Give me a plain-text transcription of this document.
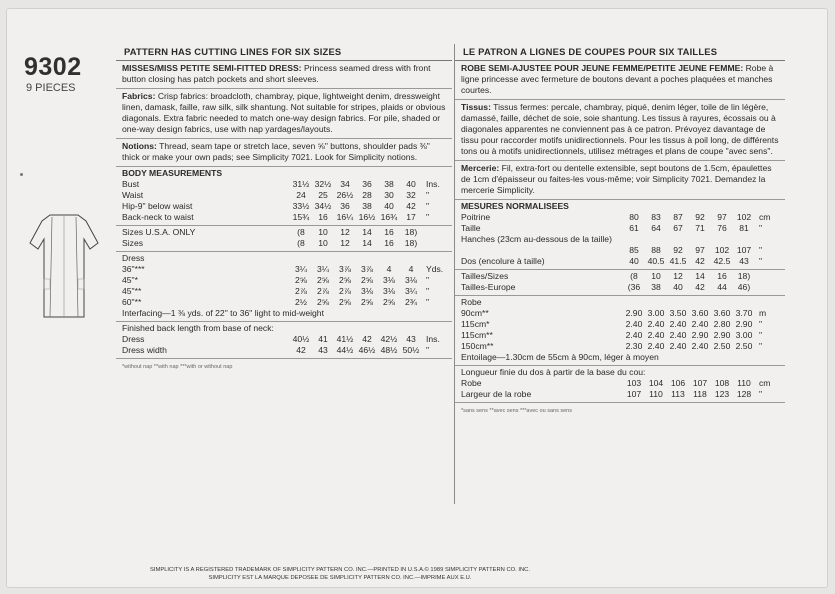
9302
9 PIECES
PATTERN HAS CUTTING LINES FOR SIX SIZES

MISSES/MISS PETITE SEMI-FITTED DRESS: Princess seamed dress with front button closing has patch pockets and short sleeves.

Fabrics: Crisp fabrics: broadcloth, chambray, pique, lightweight denim, dressweight linen, damask, faille, raw silk, silk shantung. Not suitable for stripes, plaids or obvious diagonals. Extra fabric needed to match one-way design fabrics. For pile, shaded or one-way design fabrics, use with nap yardages/layouts.

Notions: Thread, seam tape or stretch lace, seven ⅝" buttons, shoulder pads ⅜" thick or make your own pads; see Simplicity 7021. Look for Simplicity notions.

BODY MEASUREMENTS							
Bust	31½	32½	34	36	38	40	Ins.
Waist	24	25	26½	28	30	32	"
Hip-9" below waist	33½	34½	36	38	40	42	"
Back-neck to waist	15¾	16	16¼	16½	16¾	17	"
Sizes U.S.A. ONLY	(8	10	12	14	16	18)	
Sizes	(8	10	12	14	16	18)	
Dress							
36"***	3¼	3¼	3⅞	3⅞	4	4	Yds.
45"*	2⅝	2⅝	2⅝	2⅝	3⅛	3⅛	"
45"**	2⅞	2⅞	2⅞	3⅛	3⅛	3¼	"
60"**	2½	2⅝	2⅝	2⅝	2⅝	2¾	"
Interfacing—1 ⅜ yds. of 22" to 36" light to mid-weight							
Finished back length from base of neck:							
Dress	40½	41	41½	42	42½	43	Ins.
Dress width	42	43	44½	46½	48½	50½	"
*without nap **with nap ***with or without nap
LE PATRON A LIGNES DE COUPES POUR SIX TAILLES

ROBE SEMI-AJUSTEE POUR JEUNE FEMME/PETITE JEUNE FEMME: Robe à ligne princesse avec fermeture de boutons devant a poches plaquées et manches courtes.

Tissus: Tissus fermes: percale, chambray, piqué, denim léger, toile de lin légère, damassé, faille, déchet de soie, soie shantung. Les tissus à rayures, écossais ou à diagonales apparentes ne conviennent pas à ce patron. Prévoyez davantage de tissu pour raccorder motifs unidirectionnels. Pour les tissus à poil long, de différents tons ou à motifs unidirectionnels, utilisez métrages et plans de coupe "avec sens".

Mercerie: Fil, extra-fort ou dentelle extensible, sept boutons de 1.5cm, épaulettes de 1cm d'épaisseur ou faites-les vous-même; voir Simplicity 7021. Demandez la mercerie Simplicity.

MESURES NORMALISEES							
Poitrine	80	83	87	92	97	102	cm
Taille	61	64	67	71	76	81	"
Hanches (23cm au-dessous de la taille)							
	85	88	92	97	102	107	"
Dos (encolure à taille)	40	40.5	41.5	42	42.5	43	"
Tailles/Sizes	(8	10	12	14	16	18)	
Tailles-Europe	(36	38	40	42	44	46)	
Robe							
90cm**	2.90	3.00	3.50	3.60	3.60	3.70	m
115cm*	2.40	2.40	2.40	2.40	2.80	2.90	"
115cm**	2.40	2.40	2.40	2.90	2.90	3.00	"
150cm**	2.30	2.40	2.40	2.40	2.50	2.50	"
Entoilage—1.30cm de 55cm à 90cm, léger à moyen							
Longueur finie du dos à partir de la base du cou:							
Robe	103	104	106	107	108	110	cm
Largeur de la robe	107	110	113	118	123	128	"
*sans sens **avec sens ***avec ou sans sens
SIMPLICITY IS A REGISTERED TRADEMARK OF SIMPLICITY PATTERN CO. INC.—PRINTED IN U.S.A.© 1989 SIMPLICITY PATTERN CO. INC.
SIMPLICITY EST LA MARQUE DEPOSEE DE SIMPLICITY PATTERN CO. INC.—IMPRIME AUX E.U.
